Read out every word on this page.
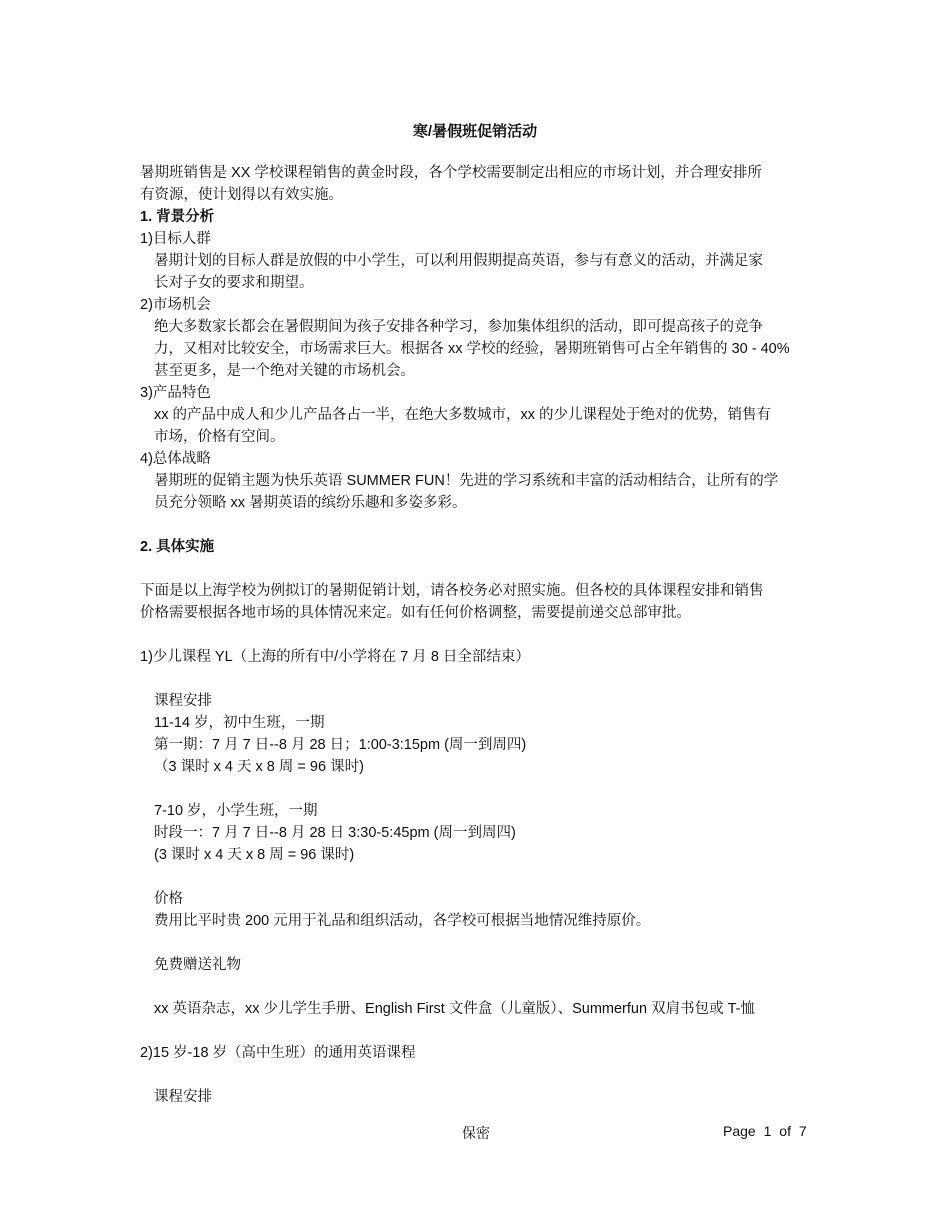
寒/暑假班促销活动

暑期班销售是 XX 学校课程销售的黄金时段，各个学校需要制定出相应的市场计划，并合理安排所

有资源，使计划得以有效实施。

1. 背景分析

1)目标人群

暑期计划的目标人群是放假的中小学生，可以利用假期提高英语，参与有意义的活动，并满足家

长对子女的要求和期望。

2)市场机会

绝大多数家长都会在暑假期间为孩子安排各种学习，参加集体组织的活动，即可提高孩子的竞争

力，又相对比较安全，市场需求巨大。根据各 xx 学校的经验，暑期班销售可占全年销售的 30 - 40%

甚至更多，是一个绝对关键的市场机会。

3)产品特色

xx 的产品中成人和少儿产品各占一半，在绝大多数城市，xx 的少儿课程处于绝对的优势，销售有

市场，价格有空间。

4)总体战略

暑期班的促销主题为快乐英语 SUMMER FUN！先进的学习系统和丰富的活动相结合，让所有的学

员充分领略 xx 暑期英语的缤纷乐趣和多姿多彩。

2. 具体实施

下面是以上海学校为例拟订的暑期促销计划，请各校务必对照实施。但各校的具体课程安排和销售

价格需要根据各地市场的具体情况来定。如有任何价格调整，需要提前递交总部审批。

1)少儿课程 YL（上海的所有中/小学将在 7 月 8 日全部结束）

课程安排

11-14 岁，初中生班，一期

第一期：7 月 7 日--8 月 28 日；1:00-3:15pm (周一到周四)

（3 课时 x 4 天 x 8 周 = 96 课时)

7-10 岁，小学生班，一期

时段一：7 月 7 日--8 月 28 日 3:30-5:45pm (周一到周四)

(3 课时 x 4 天 x 8 周 = 96 课时)

价格

费用比平时贵 200 元用于礼品和组织活动，各学校可根据当地情况维持原价。

免费赠送礼物

xx 英语杂志，xx 少儿学生手册、English First 文件盒（儿童版）、Summerfun 双肩书包或 T-恤

2)15 岁-18 岁（高中生班）的通用英语课程

课程安排

保密	Page 1 of 7
